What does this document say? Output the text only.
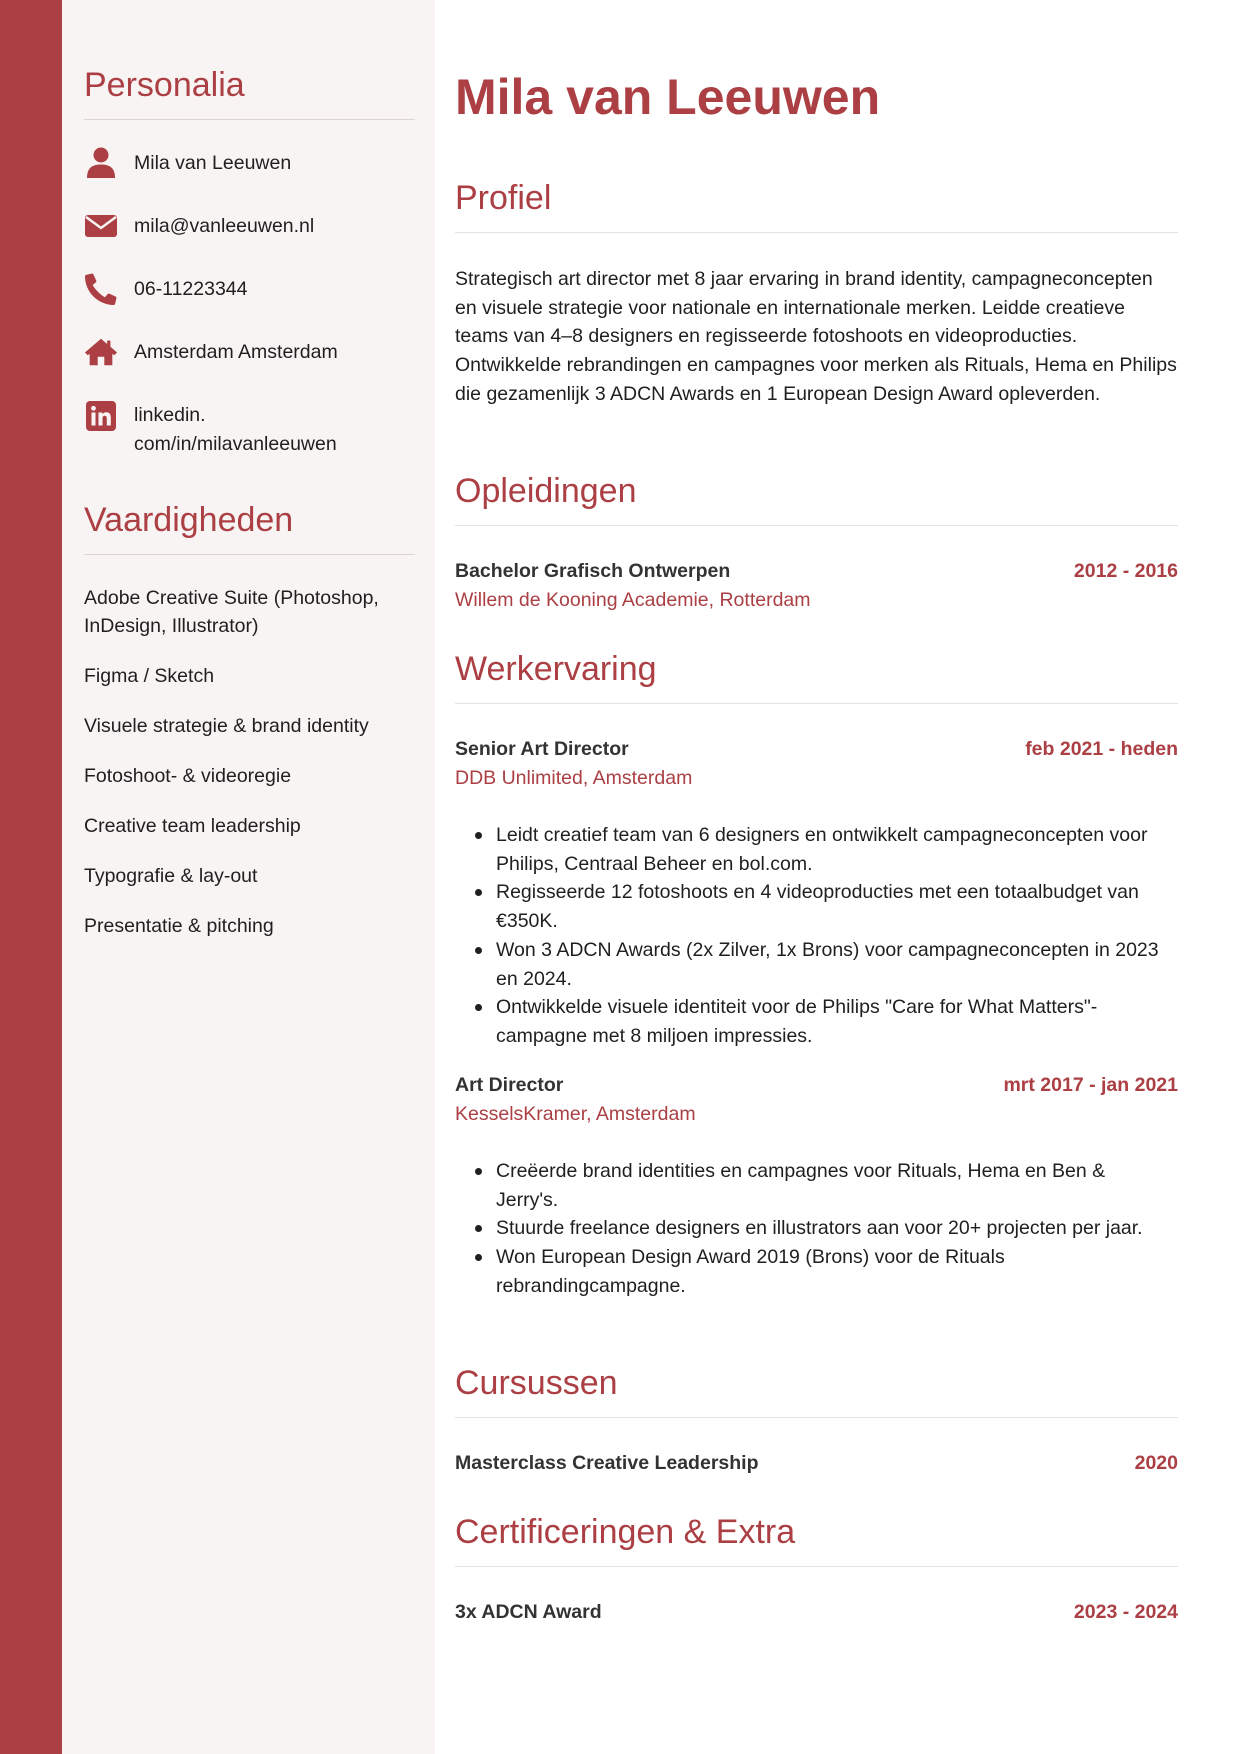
Personalia
Mila van Leeuwen
mila@vanleeuwen.nl
06-11223344
Amsterdam Amsterdam
linkedin.
com/in/milavanleeuwen
Vaardigheden
Adobe Creative Suite (Photoshop, InDesign, Illustrator)
Figma / Sketch
Visuele strategie & brand identity
Fotoshoot- & videoregie
Creative team leadership
Typografie & lay-out
Presentatie & pitching
Mila van Leeuwen
Profiel

Strategisch art director met 8 jaar ervaring in brand identity, campagneconcepten en visuele strategie voor nationale en internationale merken. Leidde creatieve teams van 4–8 designers en regisseerde fotoshoots en videoproducties. Ontwikkelde rebrandingen en campagnes voor merken als Rituals, Hema en Philips die gezamenlijk 3 ADCN Awards en 1 European Design Award opleverden.

Opleidingen
Bachelor Grafisch Ontwerpen	2012 - 2016
Willem de Kooning Academie, Rotterdam
Werkervaring
Senior Art Director	feb 2021 - heden
DDB Unlimited, Amsterdam
Leidt creatief team van 6 designers en ontwikkelt campagneconcepten voor Philips, Centraal Beheer en bol.com.
Regisseerde 12 fotoshoots en 4 videoproducties met een totaalbudget van €350K.
Won 3 ADCN Awards (2x Zilver, 1x Brons) voor campagneconcepten in 2023 en 2024.
Ontwikkelde visuele identiteit voor de Philips "Care for What Matters"-campagne met 8 miljoen impressies.
Art Director	mrt 2017 - jan 2021
KesselsKramer, Amsterdam
Creëerde brand identities en campagnes voor Rituals, Hema en Ben & Jerry's.
Stuurde freelance designers en illustrators aan voor 20+ projecten per jaar.
Won European Design Award 2019 (Brons) voor de Rituals rebrandingcampagne.
Cursussen
Masterclass Creative Leadership	2020
Certificeringen & Extra
3x ADCN Award	2023 - 2024
